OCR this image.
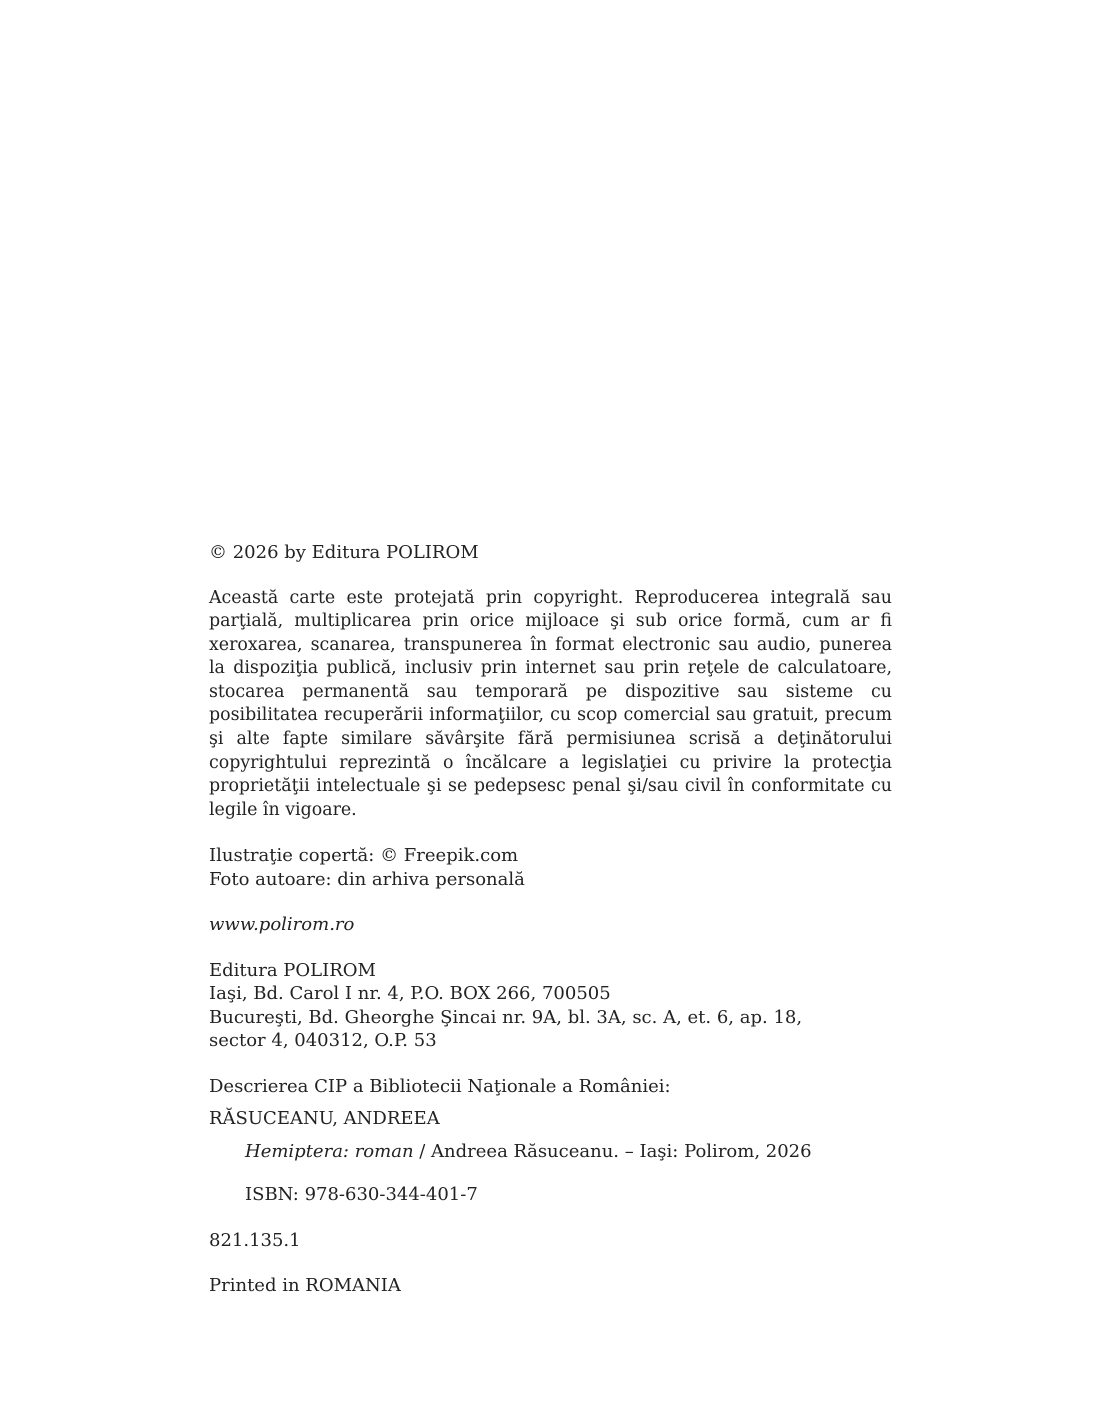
© 2026 by Editura POLIROM

Această carte este protejată prin copyright. Reproducerea integrală sau parţială, multiplicarea prin orice mijloace şi sub orice formă, cum ar fi xeroxarea, scanarea, transpunerea în format electronic sau audio, punerea la dispoziţia publică, inclusiv prin internet sau prin reţele de calculatoare, stocarea permanentă sau temporară pe dispozitive sau sisteme cu posibilitatea recuperării informaţiilor, cu scop comercial sau gratuit, precum şi alte fapte similare săvârşite fără permisiunea scrisă a deţinătorului copyrightului reprezintă o încălcare a legislaţiei cu privire la protecţia proprietăţii intelectuale şi se pedepsesc penal şi/sau civil în conformitate cu legile în vigoare.

Ilustraţie copertă: © Freepik.com

Foto autoare: din arhiva personală

www.polirom.ro

Editura POLIROM

Iaşi, Bd. Carol I nr. 4, P.O. BOX 266, 700505

Bucureşti, Bd. Gheorghe Şincai nr. 9A, bl. 3A, sc. A, et. 6, ap. 18,

sector 4, 040312, O.P. 53

Descrierea CIP a Bibliotecii Naţionale a României:

RĂSUCEANU, ANDREEA

Hemiptera: roman / Andreea Răsuceanu. – Iaşi: Polirom, 2026

ISBN: 978-630-344-401-7

821.135.1

Printed in ROMANIA
